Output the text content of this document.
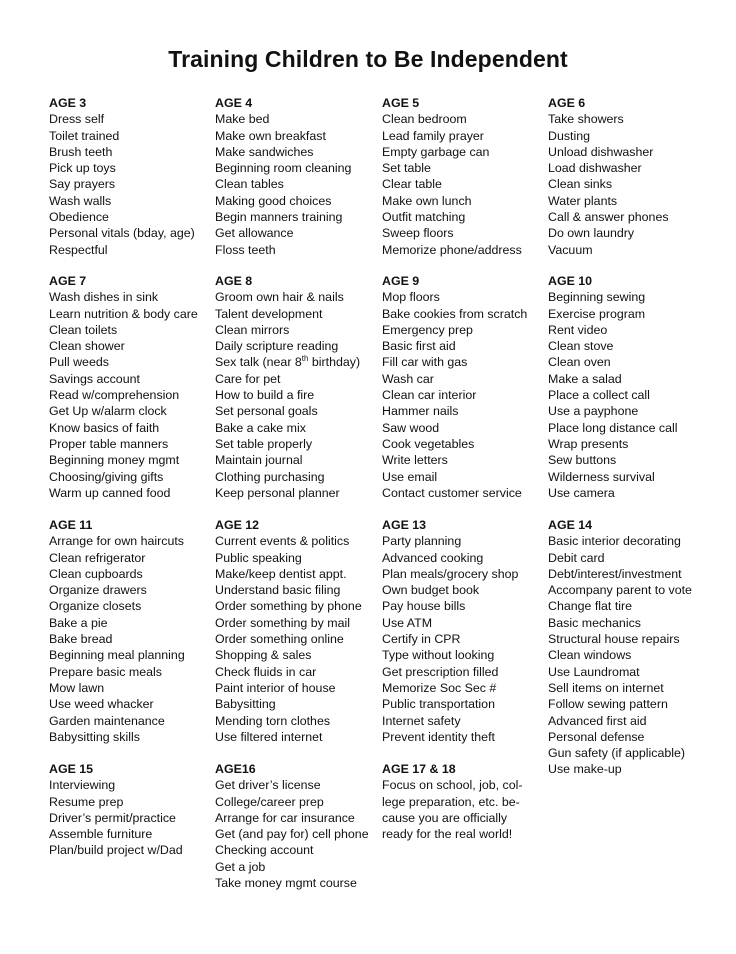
Training Children to Be Independent
AGE 3
Dress self
Toilet trained
Brush teeth
Pick up toys
Say prayers
Wash walls
Obedience
Personal vitals (bday, age)
Respectful
AGE 4
Make bed
Make own breakfast
Make sandwiches
Beginning room cleaning
Clean tables
Making good choices
Begin manners training
Get allowance
Floss teeth
AGE 5
Clean bedroom
Lead family prayer
Empty garbage can
Set table
Clear table
Make own lunch
Outfit matching
Sweep floors
Memorize phone/address
AGE 6
Take showers
Dusting
Unload dishwasher
Load dishwasher
Clean sinks
Water plants
Call & answer phones
Do own laundry
Vacuum
AGE 7
Wash dishes in sink
Learn nutrition & body care
Clean toilets
Clean shower
Pull weeds
Savings account
Read w/comprehension
Get Up w/alarm clock
Know basics of faith
Proper table manners
Beginning money mgmt
Choosing/giving gifts
Warm up canned food
AGE 8
Groom own hair & nails
Talent development
Clean mirrors
Daily scripture reading
Sex talk (near 8th birthday)
Care for pet
How to build a fire
Set personal goals
Bake a cake mix
Set table properly
Maintain journal
Clothing purchasing
Keep personal planner
AGE 9
Mop floors
Bake cookies from scratch
Emergency prep
Basic first aid
Fill car with gas
Wash car
Clean car interior
Hammer nails
Saw wood
Cook vegetables
Write letters
Use email
Contact customer service
AGE 10
Beginning sewing
Exercise program
Rent video
Clean stove
Clean oven
Make a salad
Place a collect call
Use a payphone
Place long distance call
Wrap presents
Sew buttons
Wilderness survival
Use camera
AGE 11
Arrange for own haircuts
Clean refrigerator
Clean cupboards
Organize drawers
Organize closets
Bake a pie
Bake bread
Beginning meal planning
Prepare basic meals
Mow lawn
Use weed whacker
Garden maintenance
Babysitting skills
AGE 12
Current events & politics
Public speaking
Make/keep dentist appt.
Understand basic filing
Order something by phone
Order something by mail
Order something online
Shopping & sales
Check fluids in car
Paint interior of house
Babysitting
Mending torn clothes
Use filtered internet
AGE 13
Party planning
Advanced cooking
Plan meals/grocery shop
Own budget book
Pay house bills
Use ATM
Certify in CPR
Type without looking
Get prescription filled
Memorize Soc Sec #
Public transportation
Internet safety
Prevent identity theft
AGE 14
Basic interior decorating
Debit card
Debt/interest/investment
Accompany parent to vote
Change flat tire
Basic mechanics
Structural house repairs
Clean windows
Use Laundromat
Sell items on internet
Follow sewing pattern
Advanced first aid
Personal defense
Gun safety (if applicable)
Use make-up
AGE 15
Interviewing
Resume prep
Driver’s permit/practice
Assemble furniture
Plan/build project w/Dad
AGE16
Get driver’s license
College/career prep
Arrange for car insurance
Get (and pay for) cell phone
Checking account
Get a job
Take money mgmt course
AGE 17 & 18
Focus on school, job, col-
lege preparation, etc. be-
cause you are officially
ready for the real world!
